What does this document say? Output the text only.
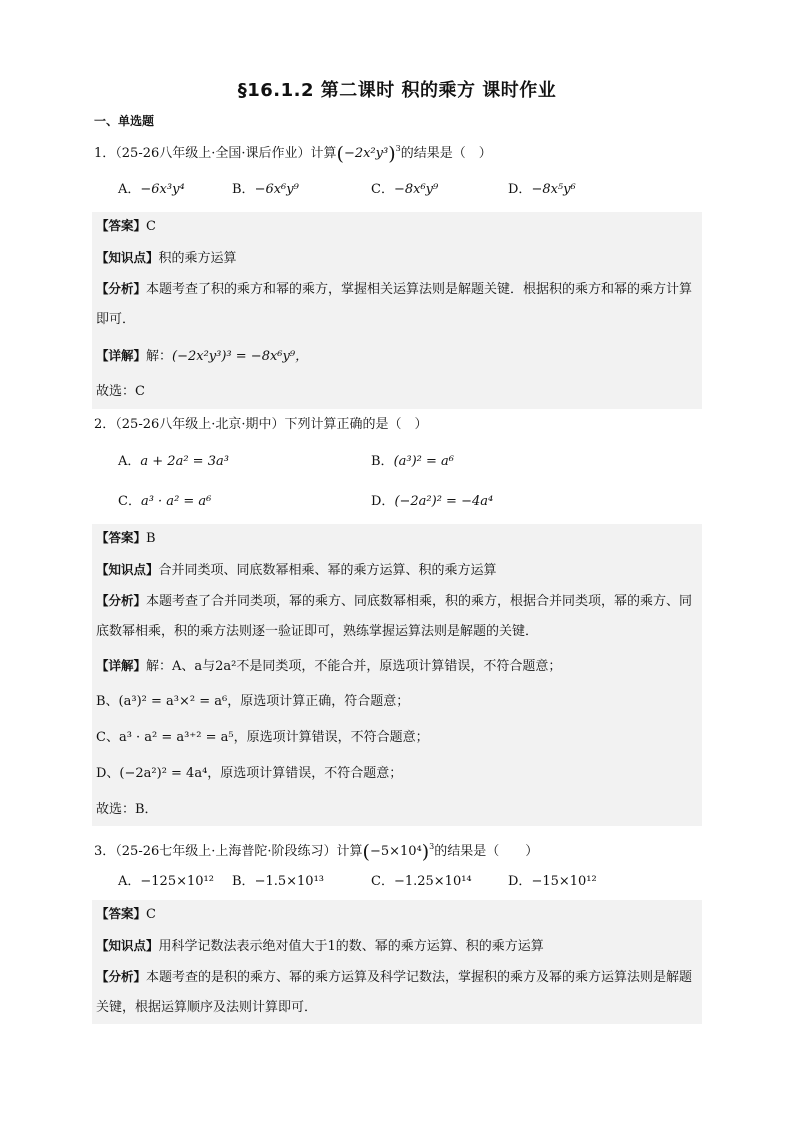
§16.1.2 第二课时 积的乘方 课时作业
一、单选题
1．（25-26八年级上·全国·课后作业）计算$(-2x^2y^3)^3$的结果是（　）
A．−6x³y⁴	B．−6x⁶y⁹	C．−8x⁶y⁹	D．−8x⁵y⁶
【答案】C
【知识点】积的乘方运算
【分析】本题考查了积的乘方和幂的乘方，掌握相关运算法则是解题关键．根据积的乘方和幂的乘方计算即可．
【详解】解：(−2x²y³)³ = −8x⁶y⁹，
故选：C
2．（25-26八年级上·北京·期中）下列计算正确的是（　）
A．a + 2a² = 3a³	B．(a³)² = a⁶
C．a³ · a² = a⁶	D．(−2a²)² = −4a⁴
【答案】B
【知识点】合并同类项、同底数幂相乘、幂的乘方运算、积的乘方运算
【分析】本题考查了合并同类项，幂的乘方、同底数幂相乘，积的乘方，根据合并同类项，幂的乘方、同底数幂相乘，积的乘方法则逐一验证即可，熟练掌握运算法则是解题的关键．
【详解】解：A、a与2a²不是同类项，不能合并，原选项计算错误，不符合题意；
B、(a³)² = a³×² = a⁶，原选项计算正确，符合题意；
C、a³ · a² = a³⁺² = a⁵，原选项计算错误，不符合题意；
D、(−2a²)² = 4a⁴，原选项计算错误，不符合题意；
故选：B．
3．（25-26七年级上·上海普陀·阶段练习）计算$(-5\times 10^4)^3$的结果是（　　）
A．−125×10¹² B．−1.5×10¹³	C．−1.25×10¹⁴	D．−15×10¹²
【答案】C
【知识点】用科学记数法表示绝对值大于1的数、幂的乘方运算、积的乘方运算
【分析】本题考查的是积的乘方、幂的乘方运算及科学记数法，掌握积的乘方及幂的乘方运算法则是解题关键，根据运算顺序及法则计算即可．
